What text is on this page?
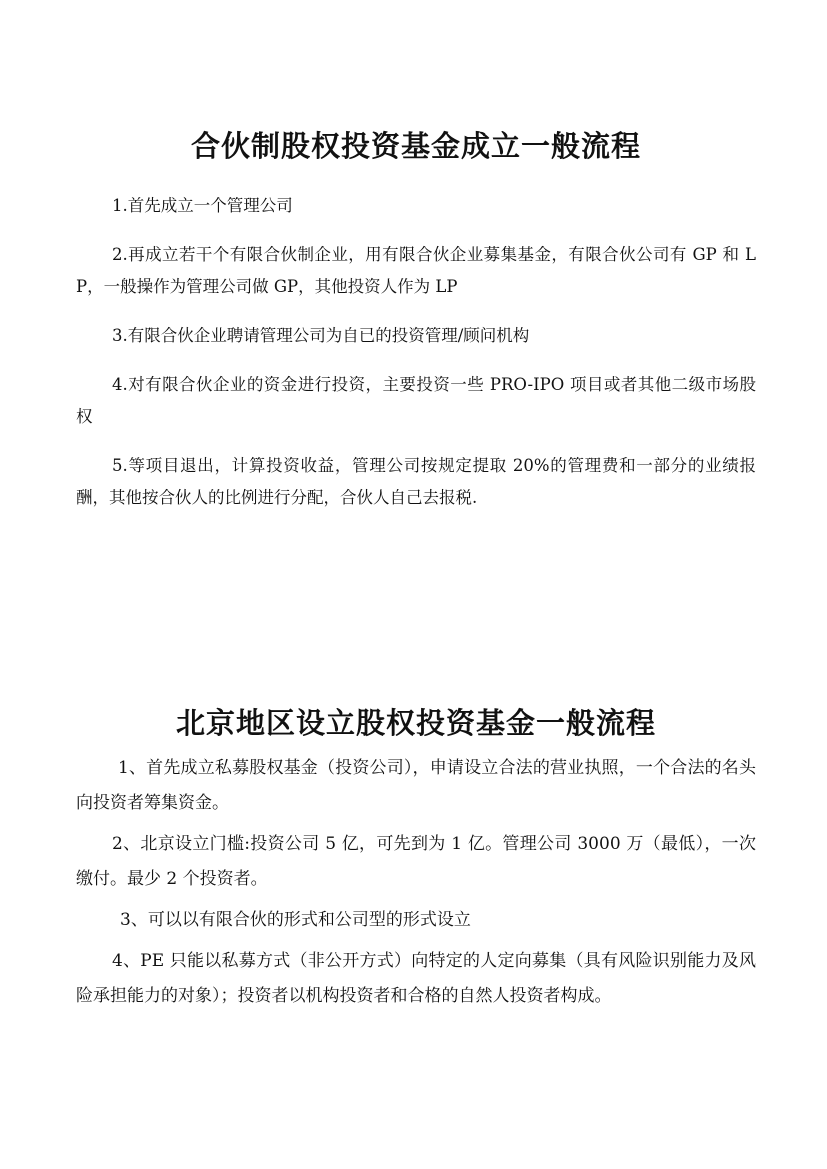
合伙制股权投资基金成立一般流程

1.首先成立一个管理公司

2.再成立若干个有限合伙制企业，用有限合伙企业募集基金，有限合伙公司有 GP 和 LP，一般操作为管理公司做 GP，其他投资人作为 LP

3.有限合伙企业聘请管理公司为自已的投资管理/顾问机构

4.对有限合伙企业的资金进行投资，主要投资一些 PRO-IPO 项目或者其他二级市场股权

5.等项目退出，计算投资收益，管理公司按规定提取 20%的管理费和一部分的业绩报酬，其他按合伙人的比例进行分配，合伙人自己去报税.

北京地区设立股权投资基金一般流程

1、首先成立私募股权基金（投资公司），申请设立合法的营业执照，一个合法的名头向投资者筹集资金。

2、北京设立门槛:投资公司 5 亿，可先到为 1 亿。管理公司 3000 万（最低），一次缴付。最少 2 个投资者。

3、可以以有限合伙的形式和公司型的形式设立

4、PE 只能以私募方式（非公开方式）向特定的人定向募集（具有风险识别能力及风险承担能力的对象）；投资者以机构投资者和合格的自然人投资者构成。
